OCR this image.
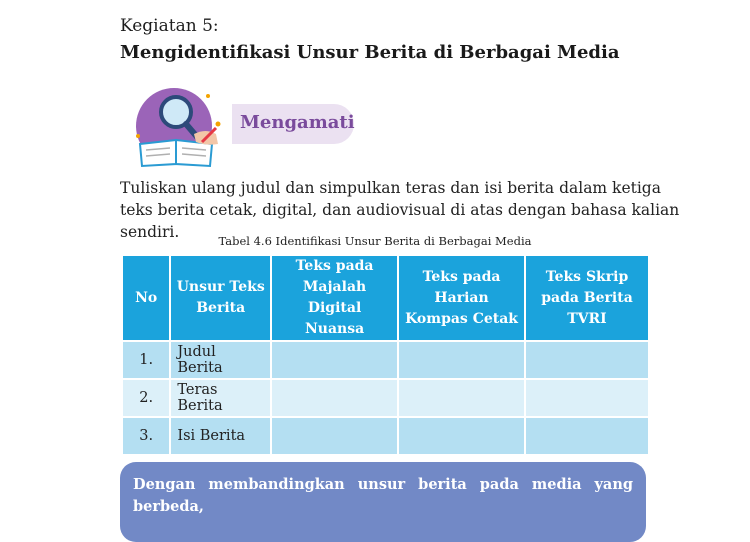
Kegiatan 5:
Mengidentifikasi Unsur Berita di Berbagai Media
Mengamati
Tuliskan ulang judul dan simpulkan teras dan isi berita dalam ketiga teks berita cetak, digital, dan audiovisual di atas dengan bahasa kalian sendiri.	Tabel 4.6 Identifikasi Unsur Berita di Berbagai Media
No	Unsur Teks Berita	Teks pada Majalah Digital Nuansa	Teks pada Harian Kompas Cetak	Teks Skrip pada Berita TVRI
1.	Judul Berita			
2.	Teras Berita			
3.	Isi Berita			
Dengan membandingkan unsur berita pada media yang berbeda,
